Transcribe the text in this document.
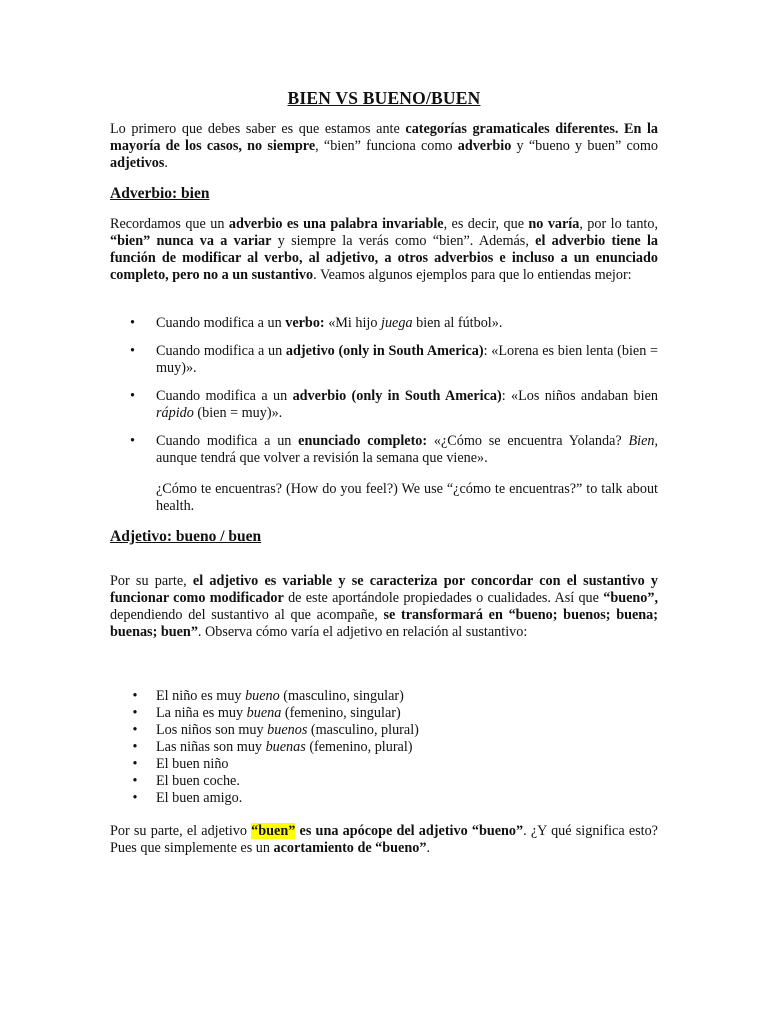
BIEN VS BUENO/BUEN
Lo primero que debes saber es que estamos ante categorías gramaticales diferentes. En la mayoría de los casos, no siempre, “bien” funciona como adverbio y “bueno y buen” como adjetivos.
Adverbio: bien
Recordamos que un adverbio es una palabra invariable, es decir, que no varía, por lo tanto, “bien” nunca va a variar y siempre la verás como “bien”. Además, el adverbio tiene la función de modificar al verbo, al adjetivo, a otros adverbios e incluso a un enunciado completo, pero no a un sustantivo. Veamos algunos ejemplos para que lo entiendas mejor:
•	Cuando modifica a un verbo: «Mi hijo juega bien al fútbol».
•	Cuando modifica a un adjetivo (only in South America): «Lorena es bien lenta (bien = muy)».
•	Cuando modifica a un adverbio (only in South America): «Los niños andaban bien rápido (bien = muy)».
•	Cuando modifica a un enunciado completo: «¿Cómo se encuentra Yolanda? Bien, aunque tendrá que volver a revisión la semana que viene».
¿Cómo te encuentras? (How do you feel?) We use “¿cómo te encuentras?” to talk about health.
Adjetivo: bueno / buen
Por su parte, el adjetivo es variable y se caracteriza por concordar con el sustantivo y funcionar como modificador de este aportándole propiedades o cualidades. Así que “bueno”, dependiendo del sustantivo al que acompañe, se transformará en “bueno; buenos; buena; buenas; buen”. Observa cómo varía el adjetivo en relación al sustantivo:
• El niño es muy bueno (masculino, singular)
• La niña es muy buena (femenino, singular)
• Los niños son muy buenos (masculino, plural)
• Las niñas son muy buenas (femenino, plural)
• El buen niño
• El buen coche.
• El buen amigo.
Por su parte, el adjetivo “buen” es una apócope del adjetivo “bueno”. ¿Y qué significa esto? Pues que simplemente es un acortamiento de “bueno”.
